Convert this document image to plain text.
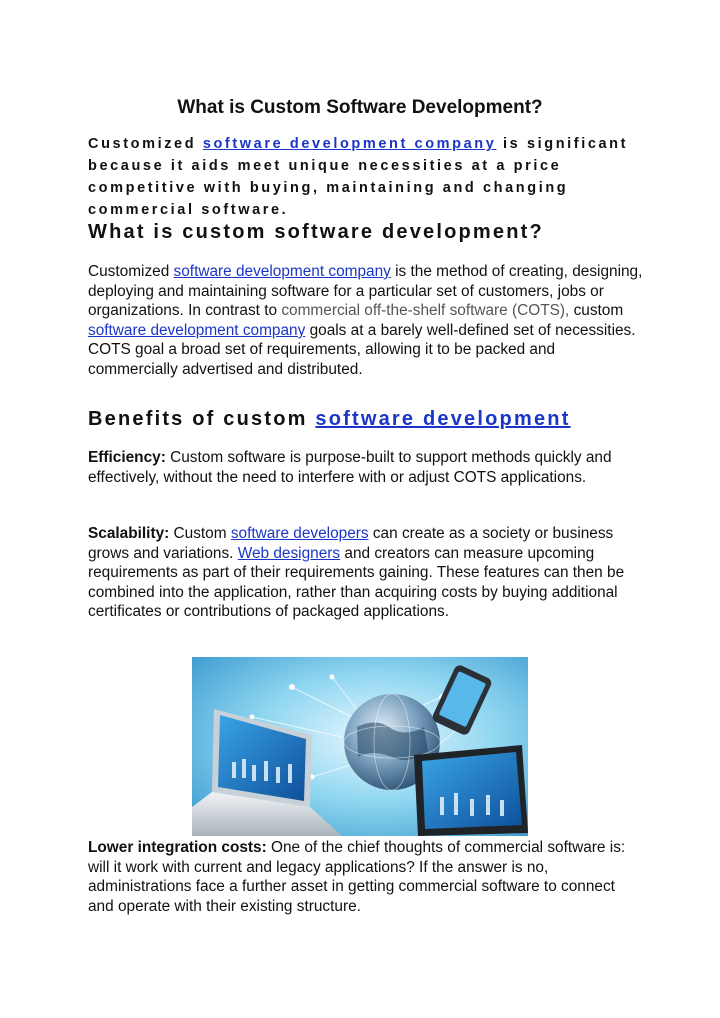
What is Custom Software Development?
Customized software development company is significant because it aids meet unique necessities at a price competitive with buying, maintaining and changing commercial software.
What is custom software development?
Customized software development company is the method of creating, designing, deploying and maintaining software for a particular set of customers, jobs or organizations. In contrast to commercial off-the-shelf software (COTS), custom software development company goals at a barely well-defined set of necessities. COTS goal a broad set of requirements, allowing it to be packed and commercially advertised and distributed.
Benefits of custom software development
Efficiency: Custom software is purpose-built to support methods quickly and effectively, without the need to interfere with or adjust COTS applications.
Scalability: Custom software developers can create as a society or business grows and variations. Web designers and creators can measure upcoming requirements as part of their requirements gaining. These features can then be combined into the application, rather than acquiring costs by buying additional certificates or contributions of packaged applications.
Lower integration costs: One of the chief thoughts of commercial software is: will it work with current and legacy applications? If the answer is no, administrations face a further asset in getting commercial software to connect and operate with their existing structure.
